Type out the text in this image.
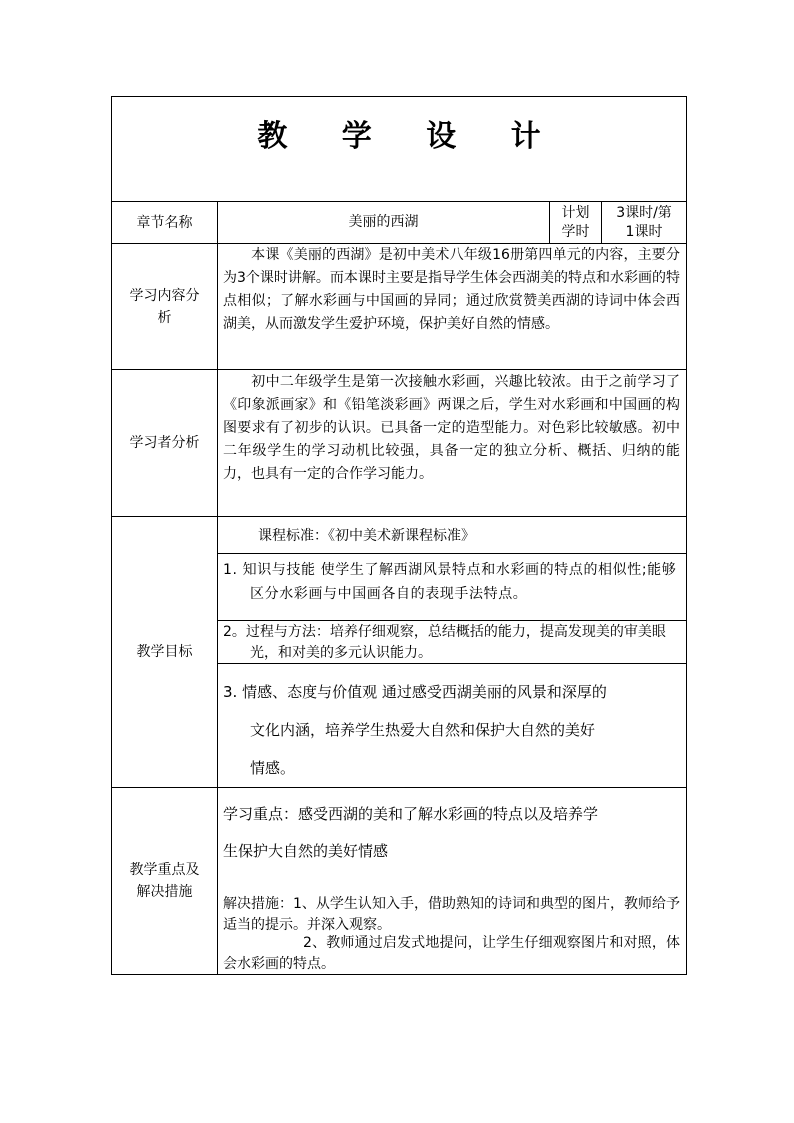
教 学 设 计
章节名称	美丽的西湖
计划
学时
3课时/第
1课时
学习内容分
析
本课《美丽的西湖》是初中美术八年级16册第四单元的内容，主要分为3个课时讲解。而本课时主要是指导学生体会西湖美的特点和水彩画的特点相似；了解水彩画与中国画的异同；通过欣赏赞美西湖的诗词中体会西湖美，从而激发学生爱护环境，保护美好自然的情感。
学习者分析
初中二年级学生是第一次接触水彩画，兴趣比较浓。由于之前学习了《印象派画家》和《铅笔淡彩画》两课之后，学生对水彩画和中国画的构图要求有了初步的认识。已具备一定的造型能力。对色彩比较敏感。初中二年级学生的学习动机比较强，具备一定的独立分析、概括、归纳的能力，也具有一定的合作学习能力。
教学目标
课程标准：《初中美术新课程标准》
1. 知识与技能 使学生了解西湖风景特点和水彩画的特点的相似性;能够区分水彩画与中国画各自的表现手法特点。
2。过程与方法：培养仔细观察，总结概括的能力，提高发现美的审美眼光，和对美的多元认识能力。
3. 情感、态度与价值观 通过感受西湖美丽的风景和深厚的
文化内涵，培养学生热爱大自然和保护大自然的美好
情感。
教学重点及
解决措施
学习重点：感受西湖的美和了解水彩画的特点以及培养学
生保护大自然的美好情感
解决措施：1、从学生认知入手，借助熟知的诗词和典型的图片，教师给予适当的提示。并深入观察。
2、教师通过启发式地提问，让学生仔细观察图片和对照，体会水彩画的特点。
